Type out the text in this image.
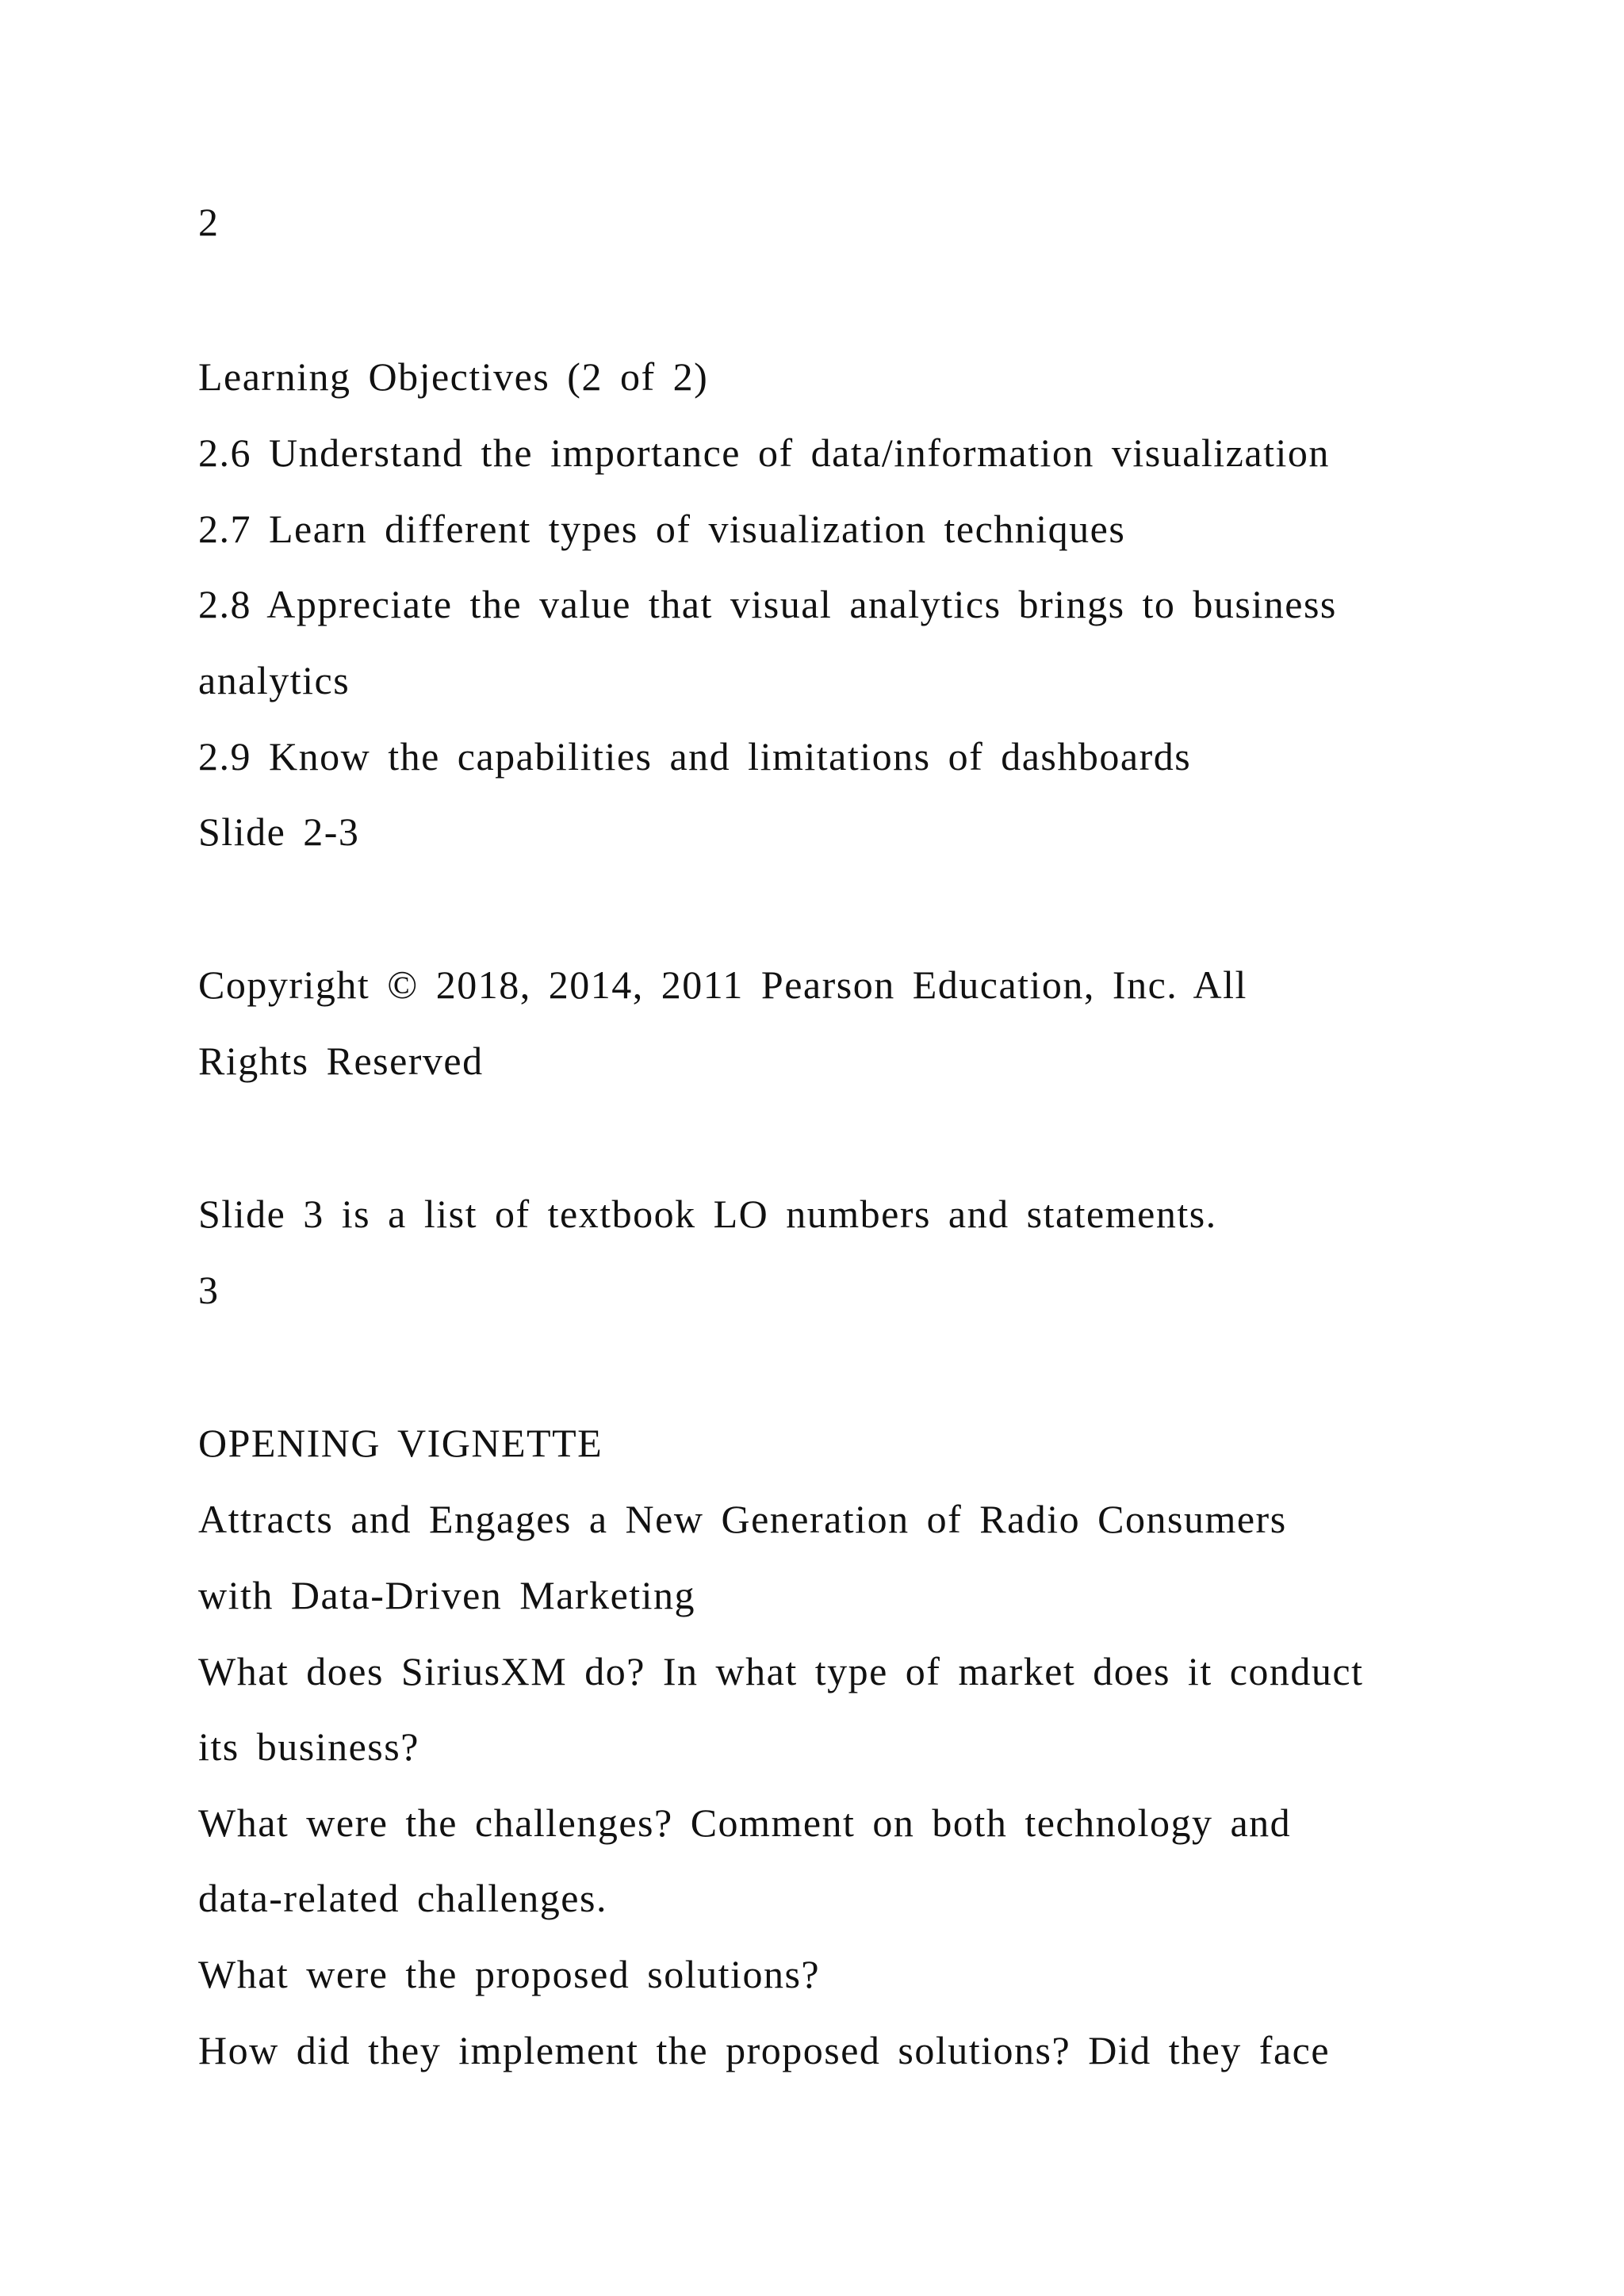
2
Learning Objectives (2 of 2)
2.6 Understand the importance of data/information visualization
2.7 Learn different types of visualization techniques
2.8 Appreciate the value that visual analytics brings to business
analytics
2.9 Know the capabilities and limitations of dashboards
Slide 2-3
Copyright © 2018, 2014, 2011 Pearson Education, Inc. All
Rights Reserved
Slide 3 is a list of textbook LO numbers and statements.
3
OPENING VIGNETTE
Attracts and Engages a New Generation of Radio Consumers
with Data-Driven Marketing
What does SiriusXM do? In what type of market does it conduct
its business?
What were the challenges? Comment on both technology and
data-related challenges.
What were the proposed solutions?
How did they implement the proposed solutions? Did they face
